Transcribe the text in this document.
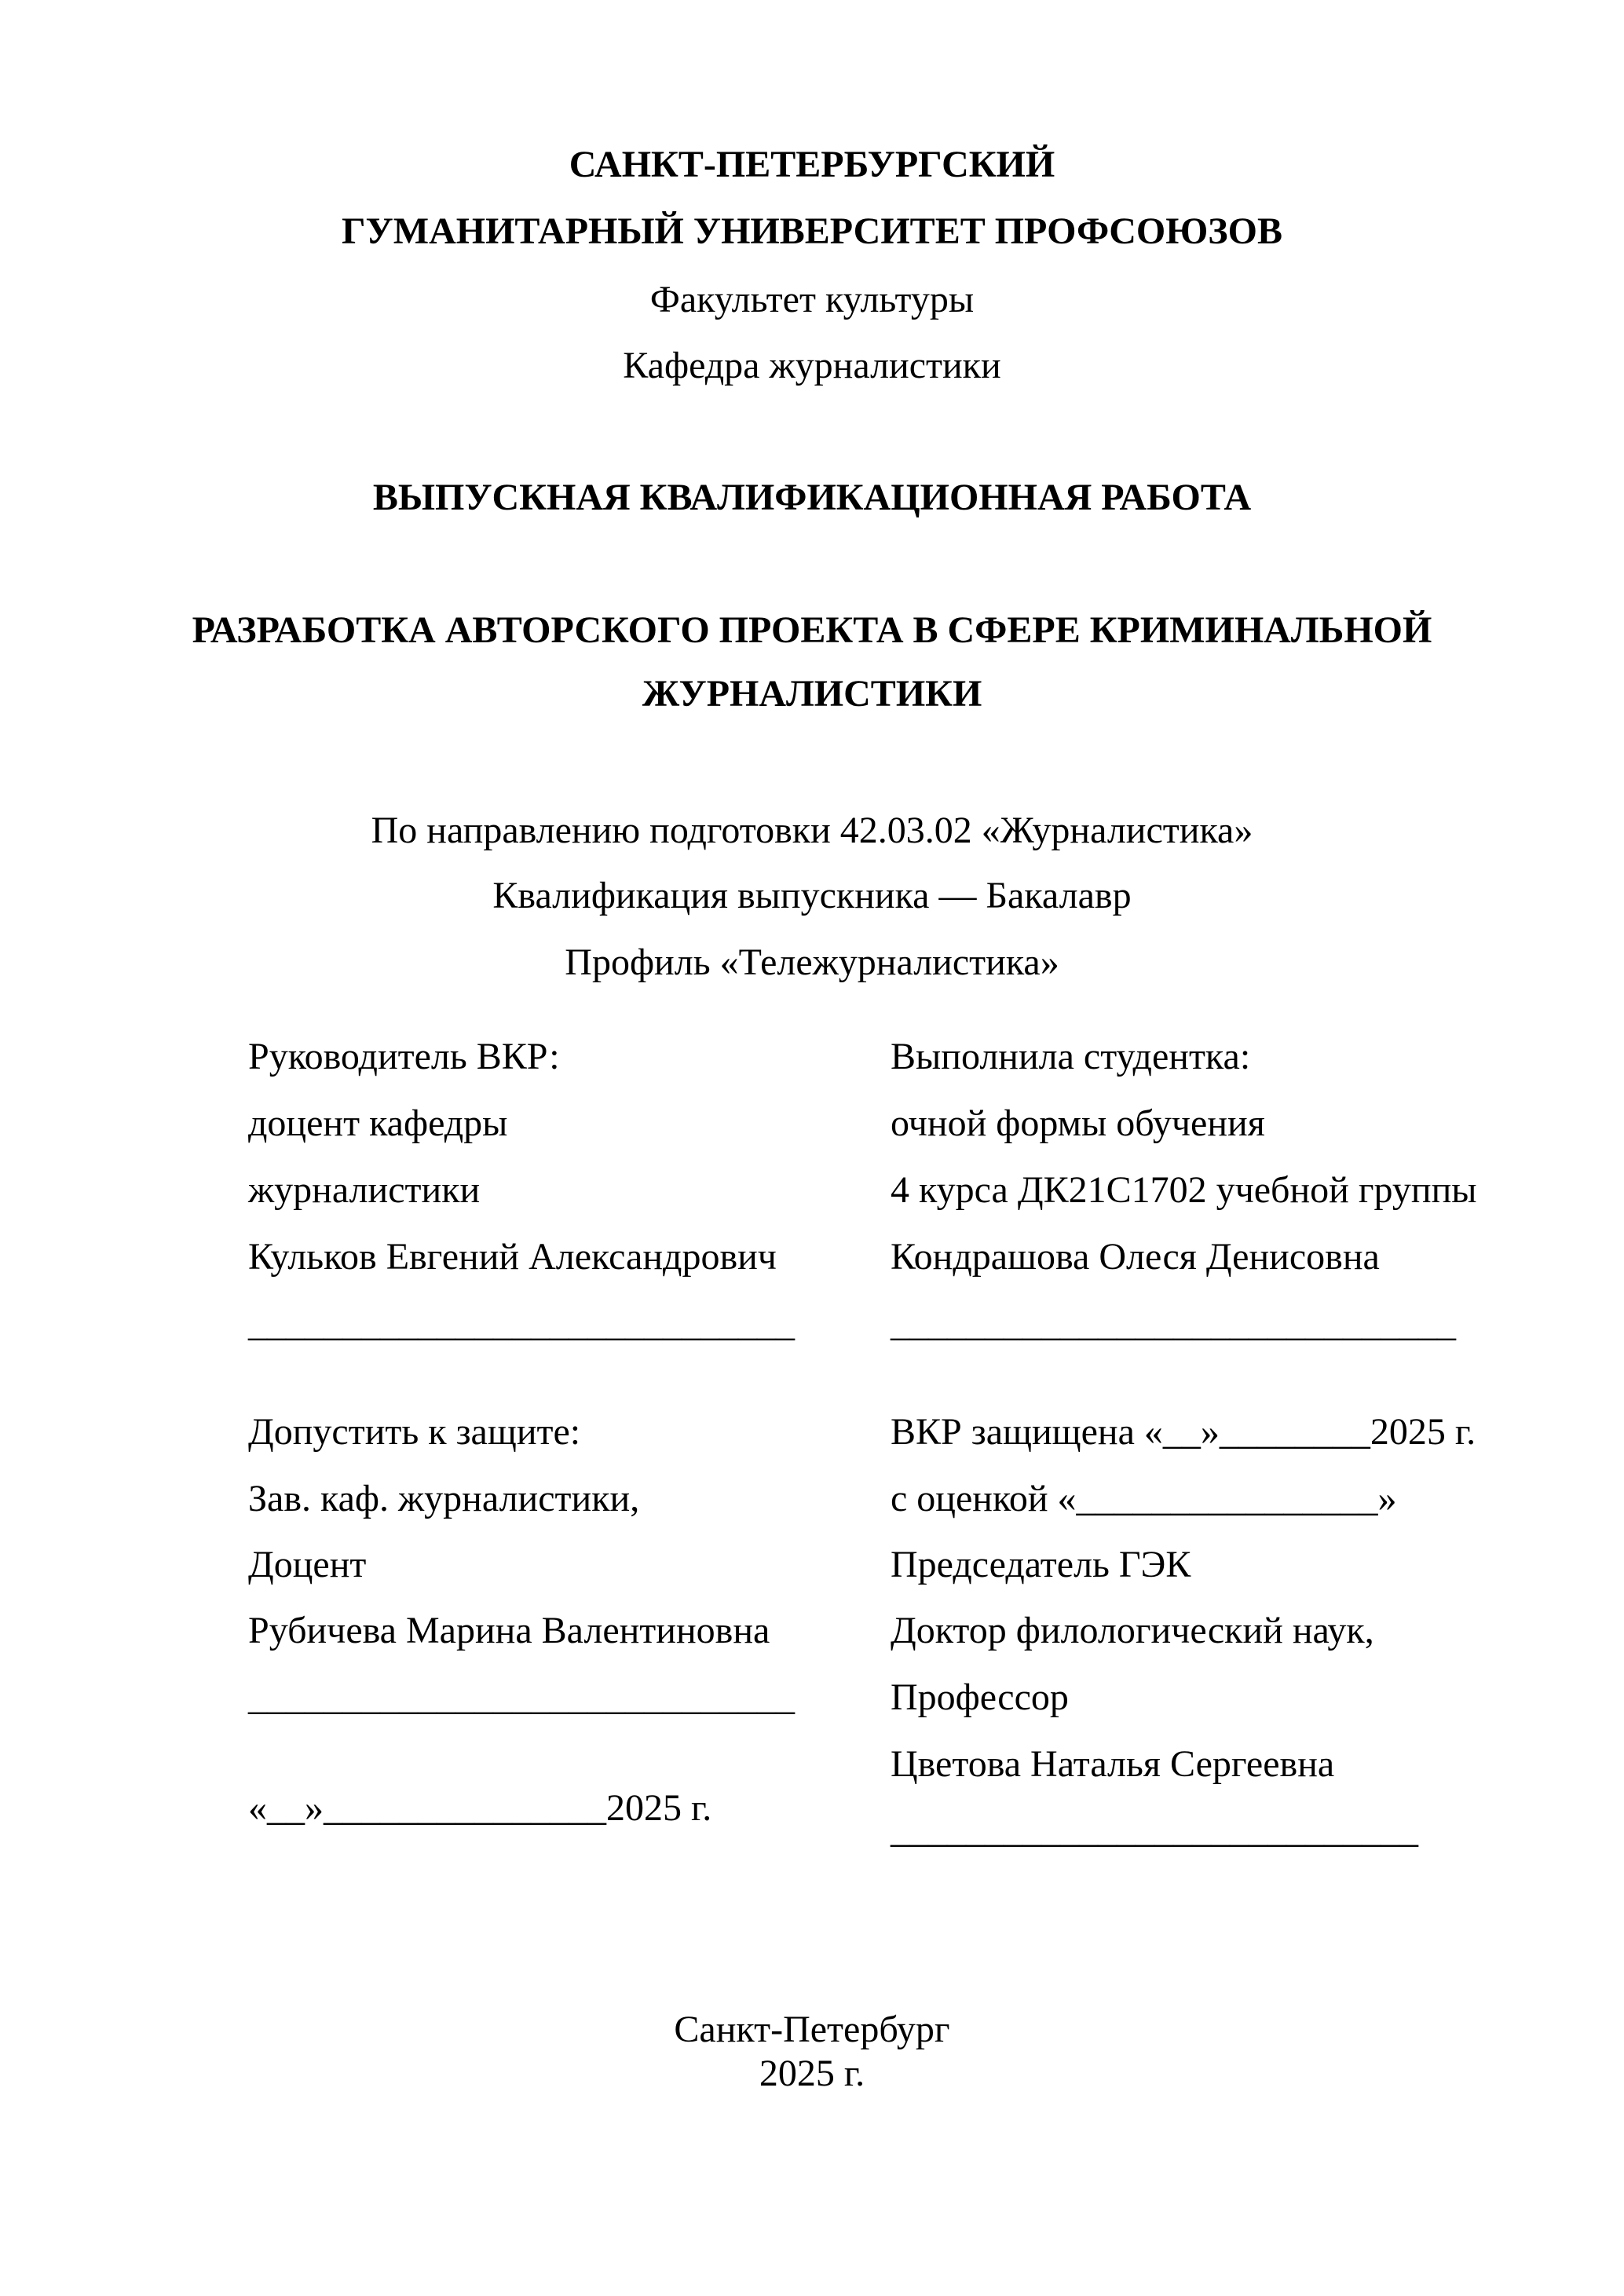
САНКТ-ПЕТЕРБУРГСКИЙ
ГУМАНИТАРНЫЙ УНИВЕРСИТЕТ ПРОФСОЮЗОВ
Факультет культуры
Кафедра журналистики
ВЫПУСКНАЯ КВАЛИФИКАЦИОННАЯ РАБОТА
РАЗРАБОТКА АВТОРСКОГО ПРОЕКТА В СФЕРЕ КРИМИНАЛЬНОЙ
ЖУРНАЛИСТИКИ
По направлению подготовки 42.03.02 «Журналистика»
Квалификация выпускника — Бакалавр
Профиль «Тележурналистика»
Руководитель ВКР:
доцент кафедры
журналистики
Кульков Евгений Александрович
_____________________________
Допустить к защите:
Зав. каф. журналистики,
Доцент
Рубичева Марина Валентиновна
_____________________________
«__»_______________2025 г.
Выполнила студентка:
очной формы обучения
4 курса ДК21С1702 учебной группы
Кондрашова Олеся Денисовна
______________________________
ВКР защищена «__»________2025 г.
с оценкой «________________»
Председатель ГЭК
Доктор филологический наук,
Профессор
Цветова Наталья Сергеевна
____________________________
Санкт-Петербург
2025 г.
